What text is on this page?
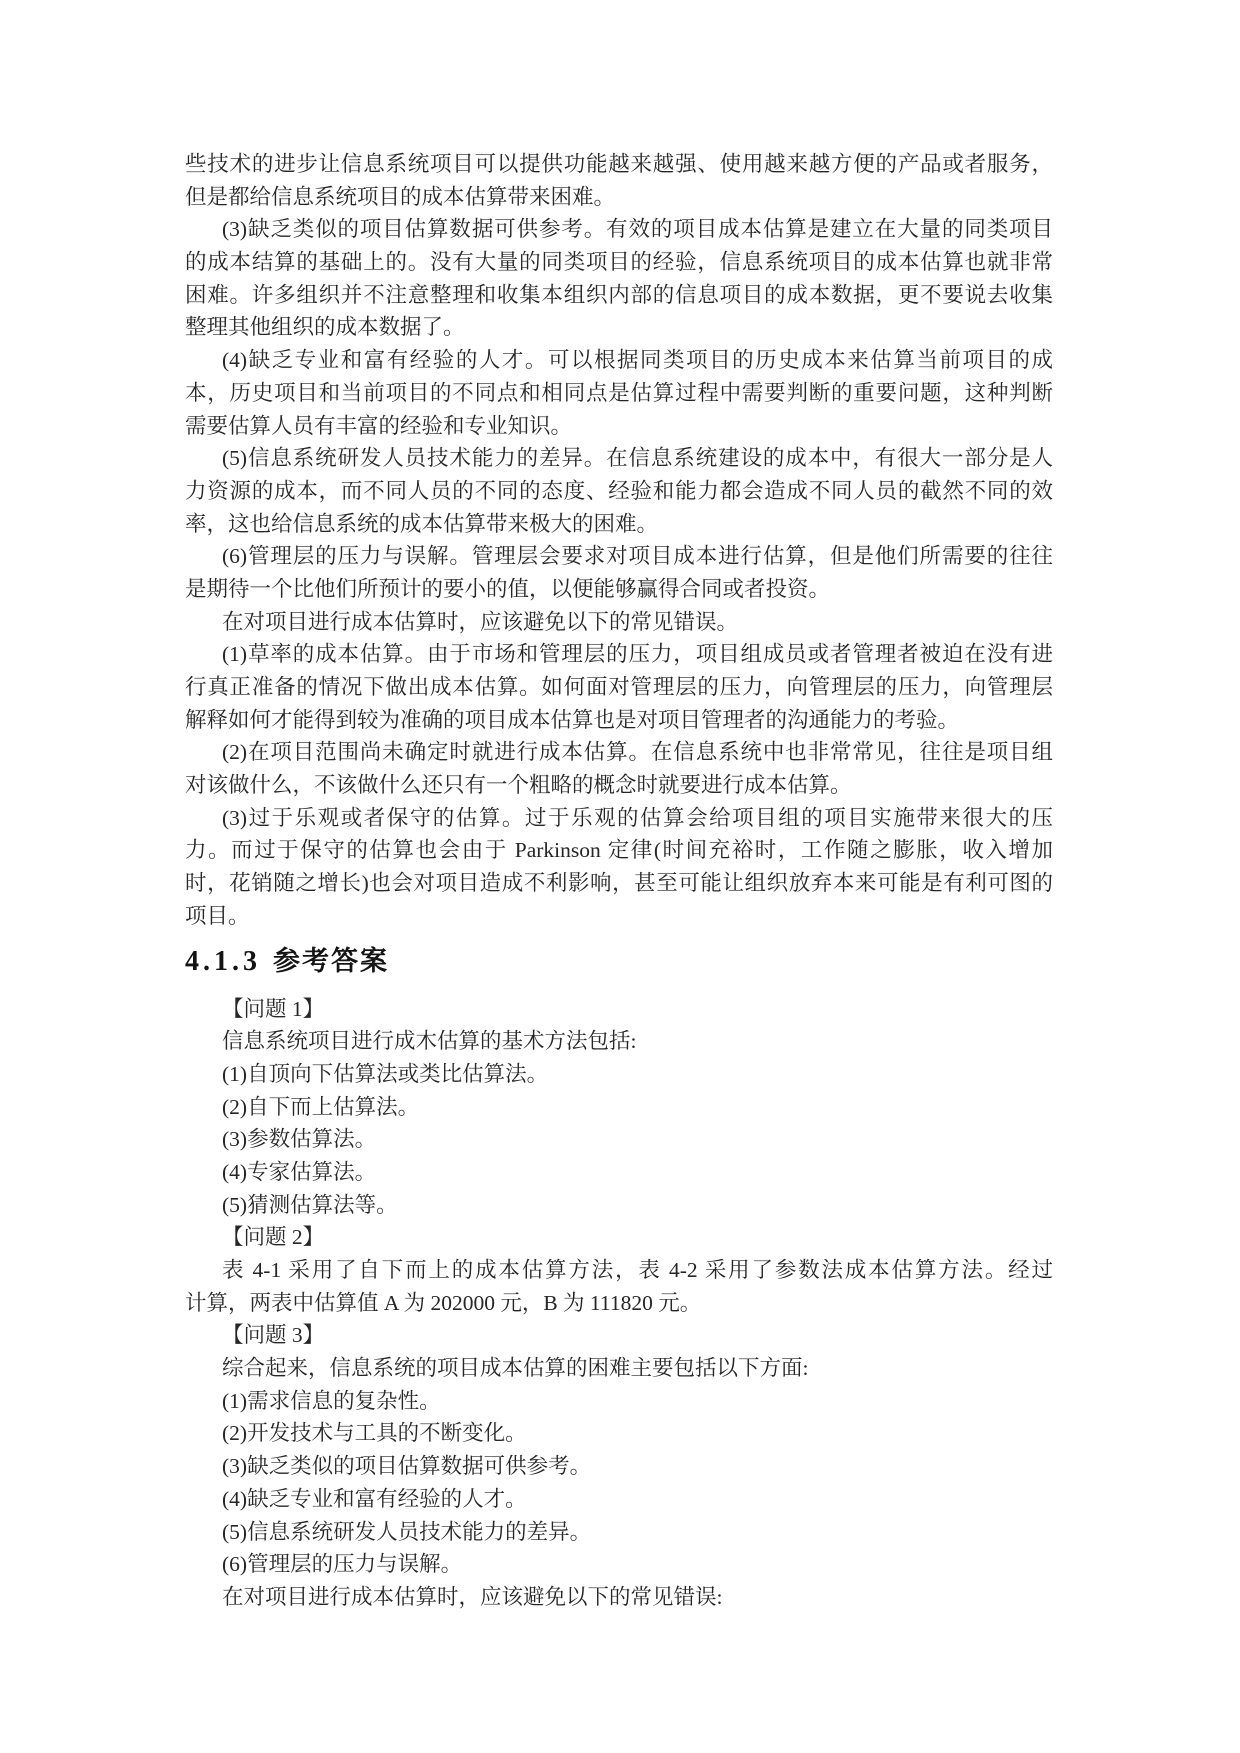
些技术的进步让信息系统项目可以提供功能越来越强、使用越来越方便的产品或者服务，
但是都给信息系统项目的成本估算带来困难。
(3)缺乏类似的项目估算数据可供参考。有效的项目成本估算是建立在大量的同类项目
的成本结算的基础上的。没有大量的同类项目的经验，信息系统项目的成本估算也就非常
困难。许多组织并不注意整理和收集本组织内部的信息项目的成本数据，更不要说去收集
整理其他组织的成本数据了。
(4)缺乏专业和富有经验的人才。可以根据同类项目的历史成本来估算当前项目的成
本，历史项目和当前项目的不同点和相同点是估算过程中需要判断的重要问题，这种判断
需要估算人员有丰富的经验和专业知识。
(5)信息系统研发人员技术能力的差异。在信息系统建设的成本中，有很大一部分是人
力资源的成本，而不同人员的不同的态度、经验和能力都会造成不同人员的截然不同的效
率，这也给信息系统的成本估算带来极大的困难。
(6)管理层的压力与误解。管理层会要求对项目成本进行估算，但是他们所需要的往往
是期待一个比他们所预计的要小的值，以便能够赢得合同或者投资。
在对项目进行成本估算时，应该避免以下的常见错误。
(1)草率的成本估算。由于市场和管理层的压力，项目组成员或者管理者被迫在没有进
行真正准备的情况下做出成本估算。如何面对管理层的压力，向管理层的压力，向管理层
解释如何才能得到较为准确的项目成本估算也是对项目管理者的沟通能力的考验。
(2)在项目范围尚未确定时就进行成本估算。在信息系统中也非常常见，往往是项目组
对该做什么，不该做什么还只有一个粗略的概念时就要进行成本估算。
(3)过于乐观或者保守的估算。过于乐观的估算会给项目组的项目实施带来很大的压
力。而过于保守的估算也会由于 Parkinson 定律(时间充裕时，工作随之膨胀，收入增加
时，花销随之增长)也会对项目造成不利影响，甚至可能让组织放弃本来可能是有利可图的
项目。
4.1.3 参考答案
【问题 1】
信息系统项目进行成木估算的基术方法包括:
(1)自顶向下估算法或类比估算法。
(2)自下而上估算法。
(3)参数估算法。
(4)专家估算法。
(5)猜测估算法等。
【问题 2】
表 4-1 采用了自下而上的成本估算方法，表 4-2 采用了参数法成本估算方法。经过
计算，两表中估算值 A 为 202000 元，B 为 111820 元。
【问题 3】
综合起来，信息系统的项目成本估算的困难主要包括以下方面:
(1)需求信息的复杂性。
(2)开发技术与工具的不断变化。
(3)缺乏类似的项目估算数据可供参考。
(4)缺乏专业和富有经验的人才。
(5)信息系统研发人员技术能力的差异。
(6)管理层的压力与误解。
在对项目进行成本估算时，应该避免以下的常见错误:
